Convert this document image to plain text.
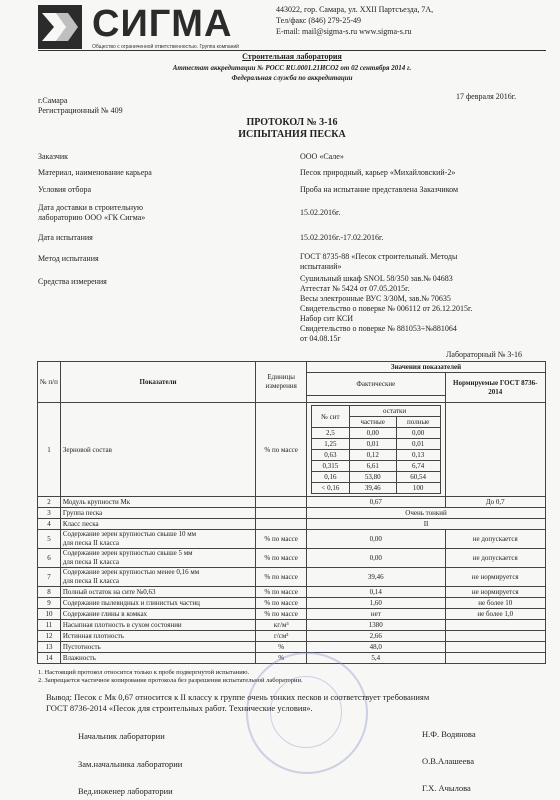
СИГМА
Общество с ограниченной ответственностью. Группа компаний
443022, гор. Самара, ул. XXII Партсъезда, 7А,
Тел/факс (846) 279-25-49
E-mail: mail@sigma-s.ru www.sigma-s.ru
Строительная лаборатория
Аттестат аккредитации № РОСС RU.0001.21ИСО2 от 02 сентября 2014 г.
Федеральная служба по аккредитации
г.Самара
Регистрационный № 409
17 февраля 2016г.
ПРОТОКОЛ № 3-16
ИСПЫТАНИЯ ПЕСКА
Заказчик	ООО «Сале»
Материал, наименование карьера	Песок природный, карьер «Михайловский-2»
Условия отбора	Проба на испытание представлена Заказчиком
Дата доставки в строительную
лабораторию ООО «ГК Сигма»
15.02.2016г.
Дата испытания	15.02.2016г.-17.02.2016г.
Метод испытания	ГОСТ 8735-88 «Песок строительный. Методы
испытаний»
Средства измерения	Сушильный шкаф SNOL 58/350 зав.№ 04683
Аттестат № 5424 от 07.05.2015г.
Весы электронные ВУС 3/30М, зав.№ 70635
Свидетельство о поверке № 006112 от 26.12.2015г.
Набор сит КСИ
Свидетельство о поверке № 881053÷№881064
от 04.08.15г
Лабораторный № 3-16
№ п/п	Показатели	Единицы измерения	Значения показателей
Фактические	Нормируемые ГОСТ 8736-2014

1	Зерновой состав	% по массе	
№ сит	остатки
частные	полные
2,5	0,00	0,00
1,25	0,01	0,01
0,63	0,12	0,13
0,315	6,61	6,74
0,16	53,80	60,54
< 0,16	39,46	100

2	Модуль крупности Мк		0,67	До 0,7
3	Группа песка		Очень тонкий
4	Класс песка		II
5	Содержание зерен крупностью свыше 10 мм
для песка II класса	% по массе	0,00	не допускается
6	Содержание зерен крупностью свыше 5 мм
для песка II класса	% по массе	0,00	не допускается
7	Содержание зерен крупностью менее 0,16 мм
для песка II класса	% по массе	39,46	не нормируется
8	Полный остаток на сите №0,63	% по массе	0,14	не нормируется
9	Содержание пылевидных и глинистых частиц	% по массе	1,60	не более 10
10	Содержание глины в комках	% по массе	нет	не более 1,0
11	Насыпная плотность в сухом состоянии	кг/м³	1380	
12	Истинная плотность	г/см³	2,66	
13	Пустотность	%	48,0	
14	Влажность	%	5,4	
1. Настоящий протокол относится только к пробе подвергнутой испытанию.
2. Запрещается частичное копирование протокола без разрешения испытательной лаборатории.
Вывод: Песок с Мк 0,67 относится к II классу к группе очень тонких песков и соответствует требованиям
ГОСТ 8736-2014 «Песок для строительных работ. Технические условия».
Начальник лаборатории	Н.Ф. Водянова
Зам.начальника лаборатории	О.В.Алашеева
Вед.инженер лаборатории	Г.Х. Ачылова
